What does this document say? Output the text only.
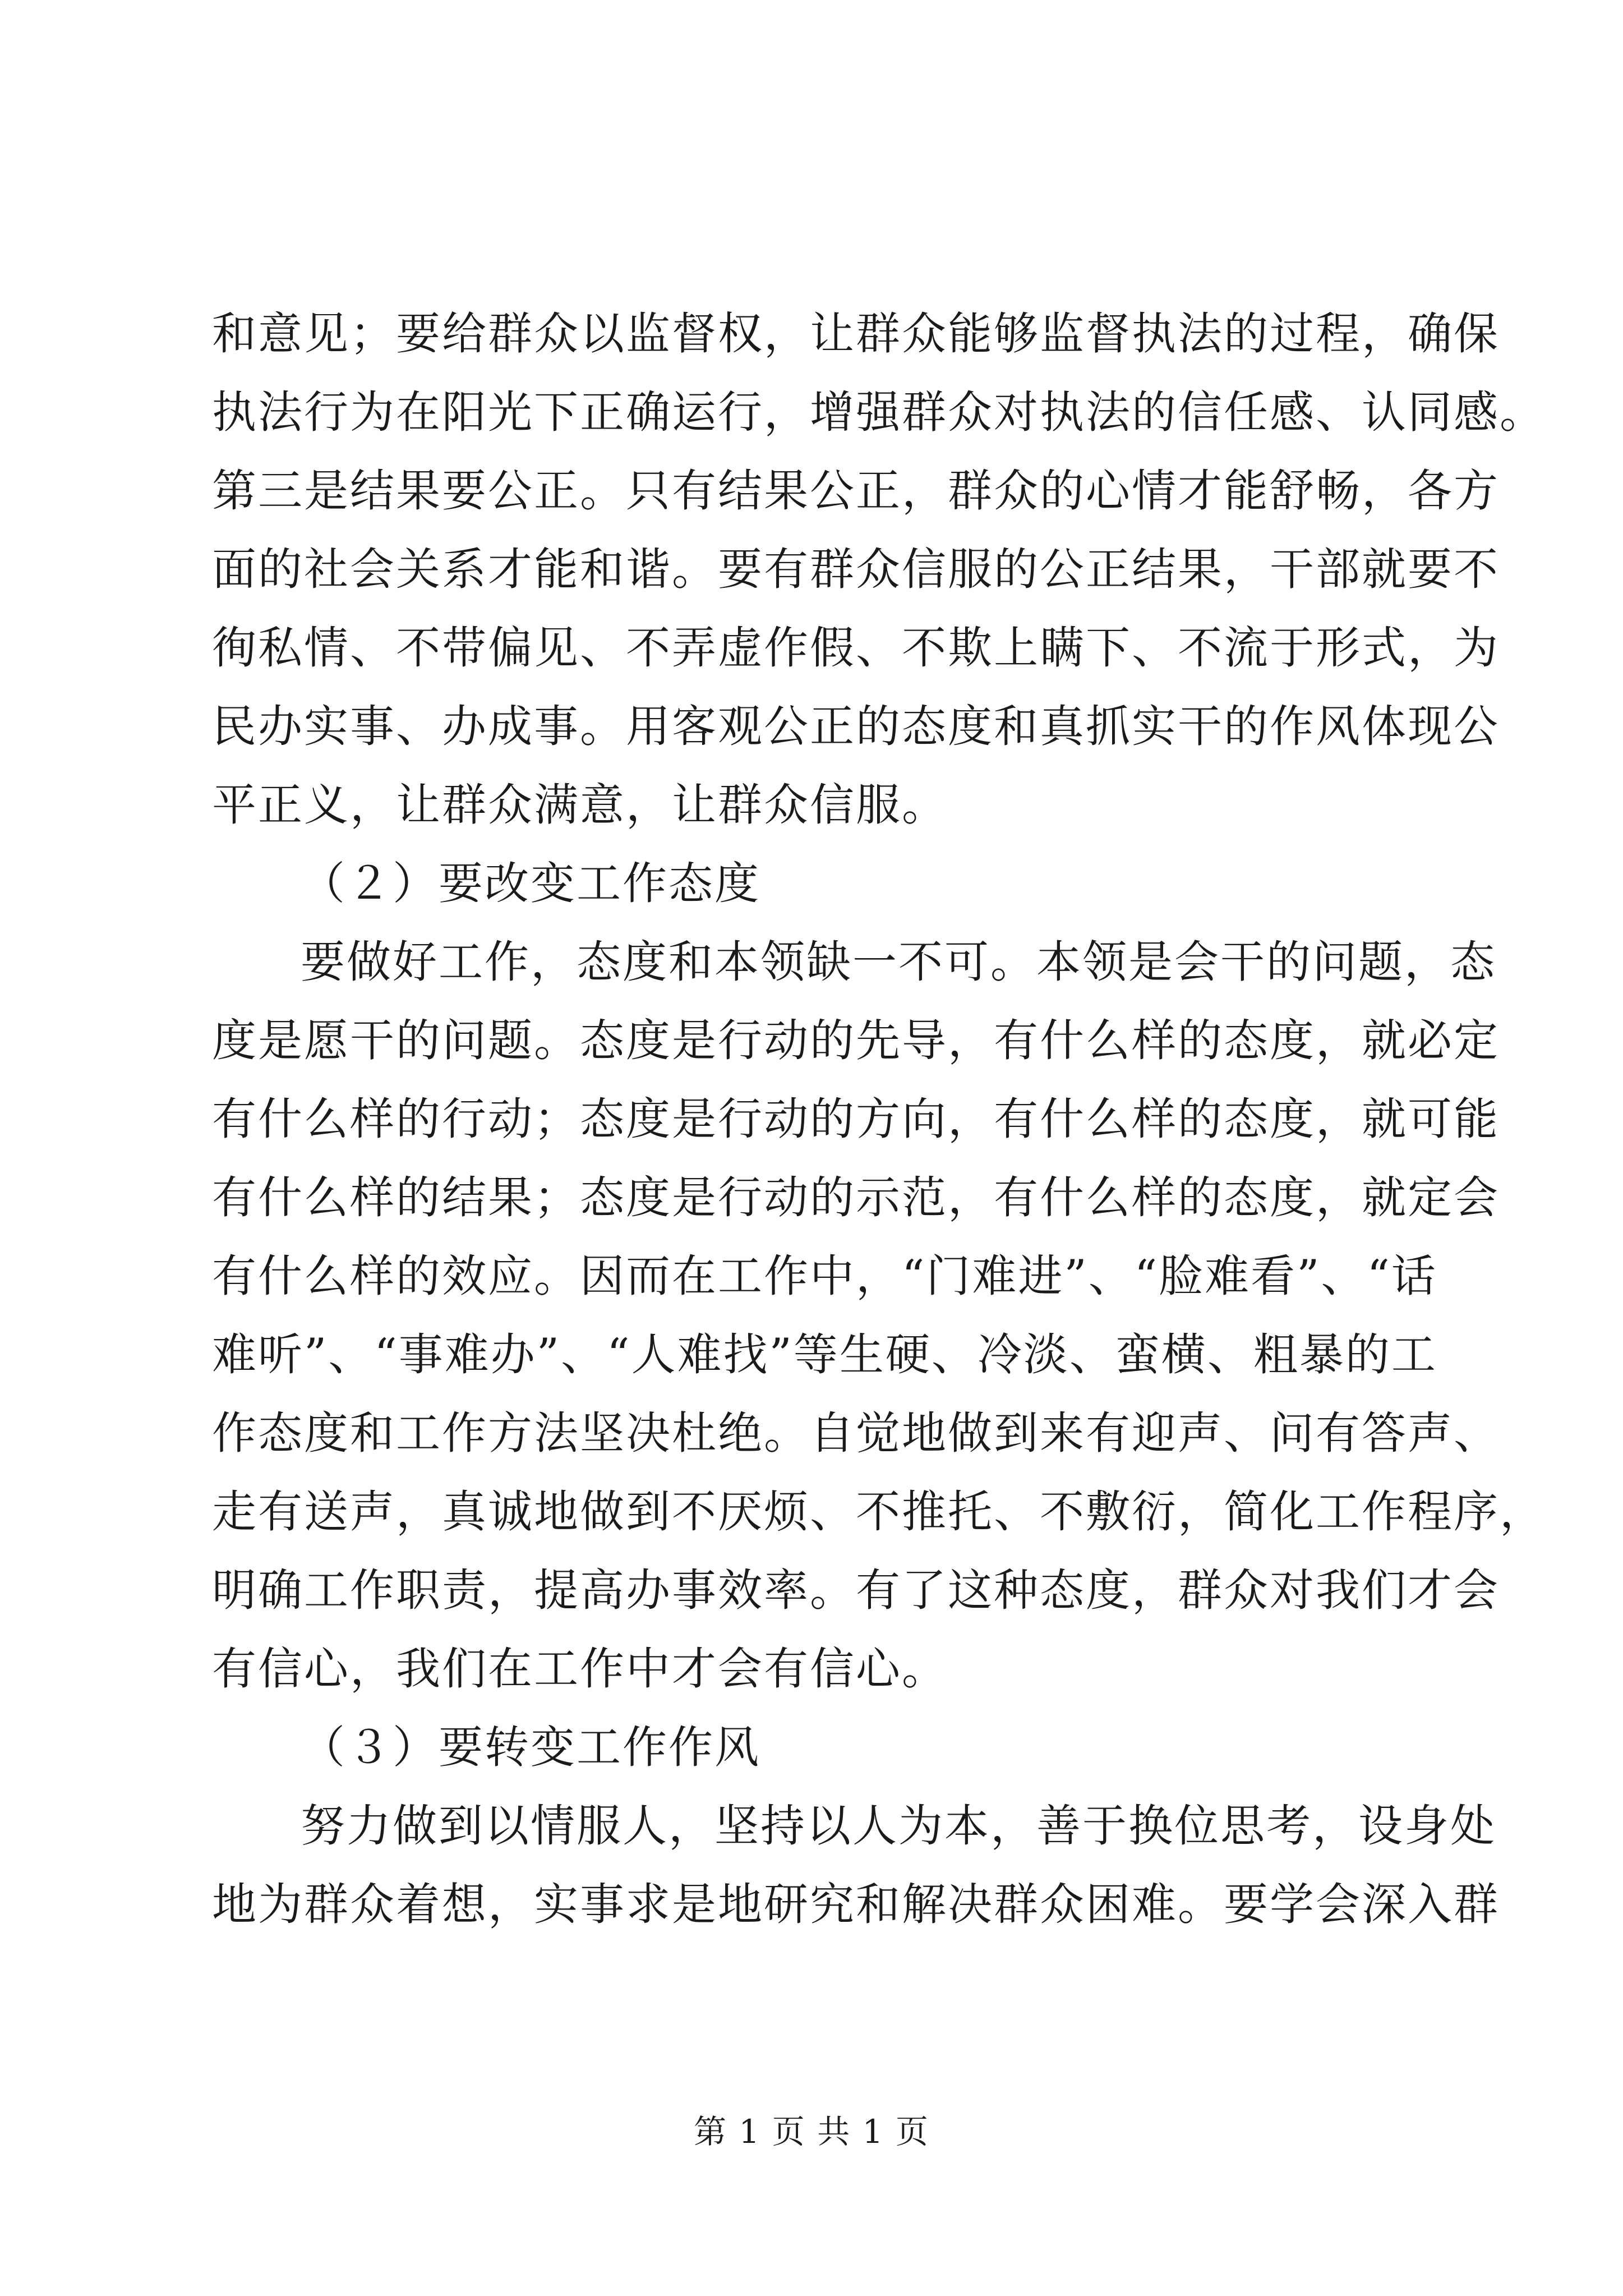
和意见；要给群众以监督权，让群众能够监督执法的过程，确保
执法行为在阳光下正确运行，增强群众对执法的信任感、认同感。
第三是结果要公正。只有结果公正，群众的心情才能舒畅，各方
面的社会关系才能和谐。要有群众信服的公正结果，干部就要不
徇私情、不带偏见、不弄虚作假、不欺上瞒下、不流于形式，为
民办实事、办成事。用客观公正的态度和真抓实干的作风体现公
平正义，让群众满意，让群众信服。
（２）要改变工作态度
要做好工作，态度和本领缺一不可。本领是会干的问题，态
度是愿干的问题。态度是行动的先导，有什么样的态度，就必定
有什么样的行动；态度是行动的方向，有什么样的态度，就可能
有什么样的结果；态度是行动的示范，有什么样的态度，就定会
有什么样的效应。因而在工作中，“门难进”、“脸难看”、“话
难听”、“事难办”、“人难找”等生硬、冷淡、蛮横、粗暴的工
作态度和工作方法坚决杜绝。自觉地做到来有迎声、问有答声、
走有送声，真诚地做到不厌烦、不推托、不敷衍，简化工作程序，
明确工作职责，提高办事效率。有了这种态度，群众对我们才会
有信心，我们在工作中才会有信心。
（３）要转变工作作风
努力做到以情服人，坚持以人为本，善于换位思考，设身处
地为群众着想，实事求是地研究和解决群众困难。要学会深入群
第 1 页 共 1 页
